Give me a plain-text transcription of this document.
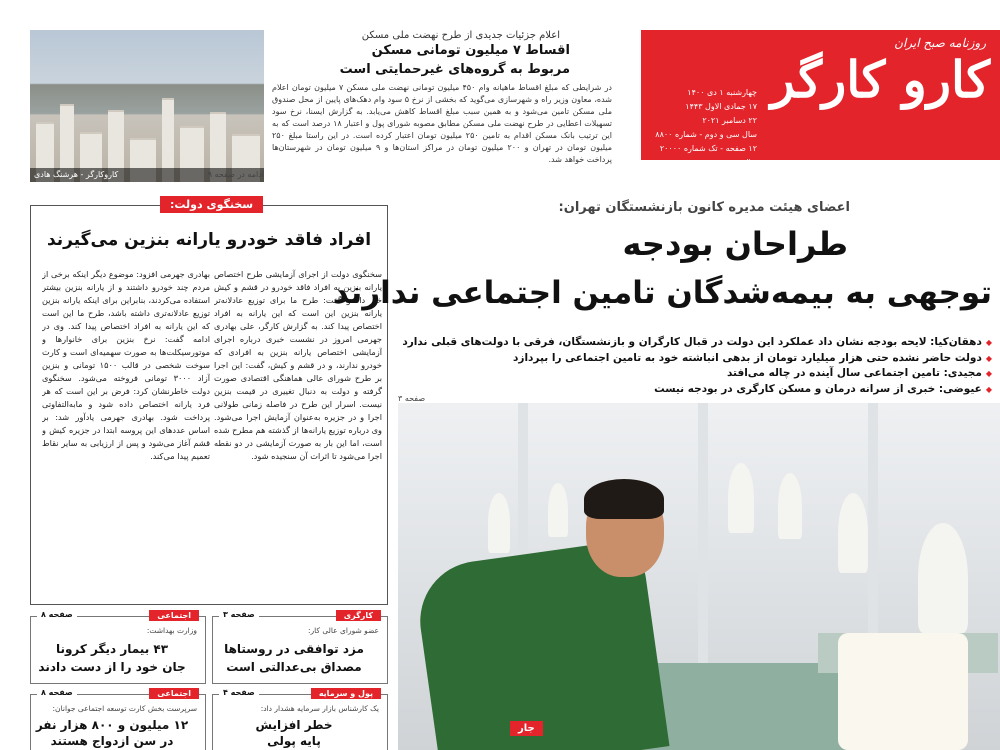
کاروکارگر - هرشنگ هادی
اعلام جزئیات جدیدی از طرح نهضت ملی مسکن
اقساط ۷ میلیون تومانی مسکن
مربوط به گروه‌های غیرحمایتی است
در شرایطی که مبلغ اقساط ماهیانه وام ۴۵۰ میلیون تومانی نهضت ملی مسکن ۷ میلیون تومان اعلام شده، معاون وزیر راه و شهرسازی می‌گوید که بخشی از نرخ ۵ سود وام دهک‌های پایین از محل صندوق ملی مسکن تامین می‌شود و به همین سبب مبلغ اقساط کاهش می‌یابد. به گزارش ایسنا، نرخ سود تسهیلات اعطایی در طرح نهضت ملی مسکن مطابق مصوبه شورای پول و اعتبار ۱۸ درصد است که به این ترتیب بانک مسکن اقدام به تامین ۲۵۰ میلیون تومان اعتبار کرده است. در این راستا مبلغ ۲۵۰ میلیون تومان در تهران و ۲۰۰ میلیون تومان در مراکز استان‌ها و ۹ میلیون تومان در شهرستان‌ها پرداخت خواهد شد.
ادامه در صفحه ۹
روزنامه صبح ایران
کارو کارگر
چهارشنبه ۱ دی ۱۴۰۰
۱۷ جمادی الاول ۱۴۴۳
۲۲ دسامبر ۲۰۲۱
سال سی و دوم - شماره ۸۸۰۰
۱۲ صفحه - تک شماره ۲۰۰۰۰ ریال
WWW.KARVAKARGAR.COM
سخنگوی دولت:
افراد فاقد خودرو یارانه بنزین می‌گیرند
سخنگوی دولت از اجرای آزمایشی طرح اختصاص یارانه بنزین به افراد فاقد خودرو در قشم و کیش خبر داد و گفت: طرح ما برای توزیع عادلانه‌تر یارانه بنزین این است که این یارانه به افراد اختصاص پیدا کند. به گزارش کارگر، علی بهادری جهرمی امروز در نشست خبری درباره اجرای آزمایشی اختصاص یارانه بنزین به افرادی که خودرو ندارند، و در قشم و کیش، گفت: این اجرا بر طرح شورای عالی هماهنگی اقتصادی صورت گرفته و دولت به دنبال تغییری در قیمت بنزین نیست. اسرار این طرح در فاصله زمانی طولانی اجرا و در جزیره به‌عنوان آزمایش اجرا می‌شود. وی درباره توزیع یارانه‌ها از گذشته هم مطرح شده است، اما این بار به صورت آزمایشی در دو نقطه اجرا می‌شود تا اثرات آن سنجیده شود.
بهادری جهرمی افزود: موضوع دیگر اینکه برخی از مردم چند خودرو داشتند و از یارانه بنزین بیشتر استفاده می‌کردند، بنابراین برای اینکه یارانه بنزین توزیع عادلانه‌تری داشته باشد، طرح ما این است که این یارانه به افراد اختصاص پیدا کند. وی در ادامه گفت: نرخ بنزین برای خانوارها و موتورسیکلت‌ها به صورت سهمیه‌ای است و کارت سوخت شخصی در قالب ۱۵۰۰ تومانی و بنزین آزاد ۳۰۰۰ تومانی فروخته می‌شود. سخنگوی دولت خاطرنشان کرد: فرض بر این است که هر فرد یارانه اختصاص داده شود و مابه‌التفاوتی پرداخت شود. بهادری جهرمی یادآور شد: بر اساس عددهای این پروسه ابتدا در جزیره کیش و قشم آغاز می‌شود و پس از ارزیابی به سایر نقاط تعمیم پیدا می‌کند.
اعضای هیئت مدیره کانون بازنشستگان تهران:
طراحان بودجه
توجهی به بیمه‌شدگان تامین اجتماعی ندارند
◆ دهقان‌کیا: لایحه بودجه نشان داد عملکرد این دولت در قبال کارگران و بازنشستگان، فرقی با دولت‌های قبلی ندارد
◆ دولت حاضر نشده حتی هزار میلیارد تومان از بدهی انباشته خود به تامین اجتماعی را بپردازد
◆ مجیدی: تامین اجتماعی سال آینده در چاله می‌افتد
◆ عیوضی: خبری از سرانه درمان و مسکن کارگری در بودجه نیست
صفحه ۳
جار
اجتماعی
صفحه ۸
وزارت بهداشت:
۴۳ بیمار دیگر کرونا
جان خود را از دست دادند
کارگری
صفحه ۳
عضو شورای عالی کار:
مزد توافقی در روستاها
مصداق بی‌عدالتی است
اجتماعی
صفحه ۸
سرپرست بخش کارت توسعه اجتماعی جوانان:
۱۲ میلیون و ۸۰۰ هزار نفر
در سن ازدواج هستند
پول و سرمایه
صفحه ۴
یک کارشناس بازار سرمایه هشدار داد:
خطر افزایش
پایه پولی
